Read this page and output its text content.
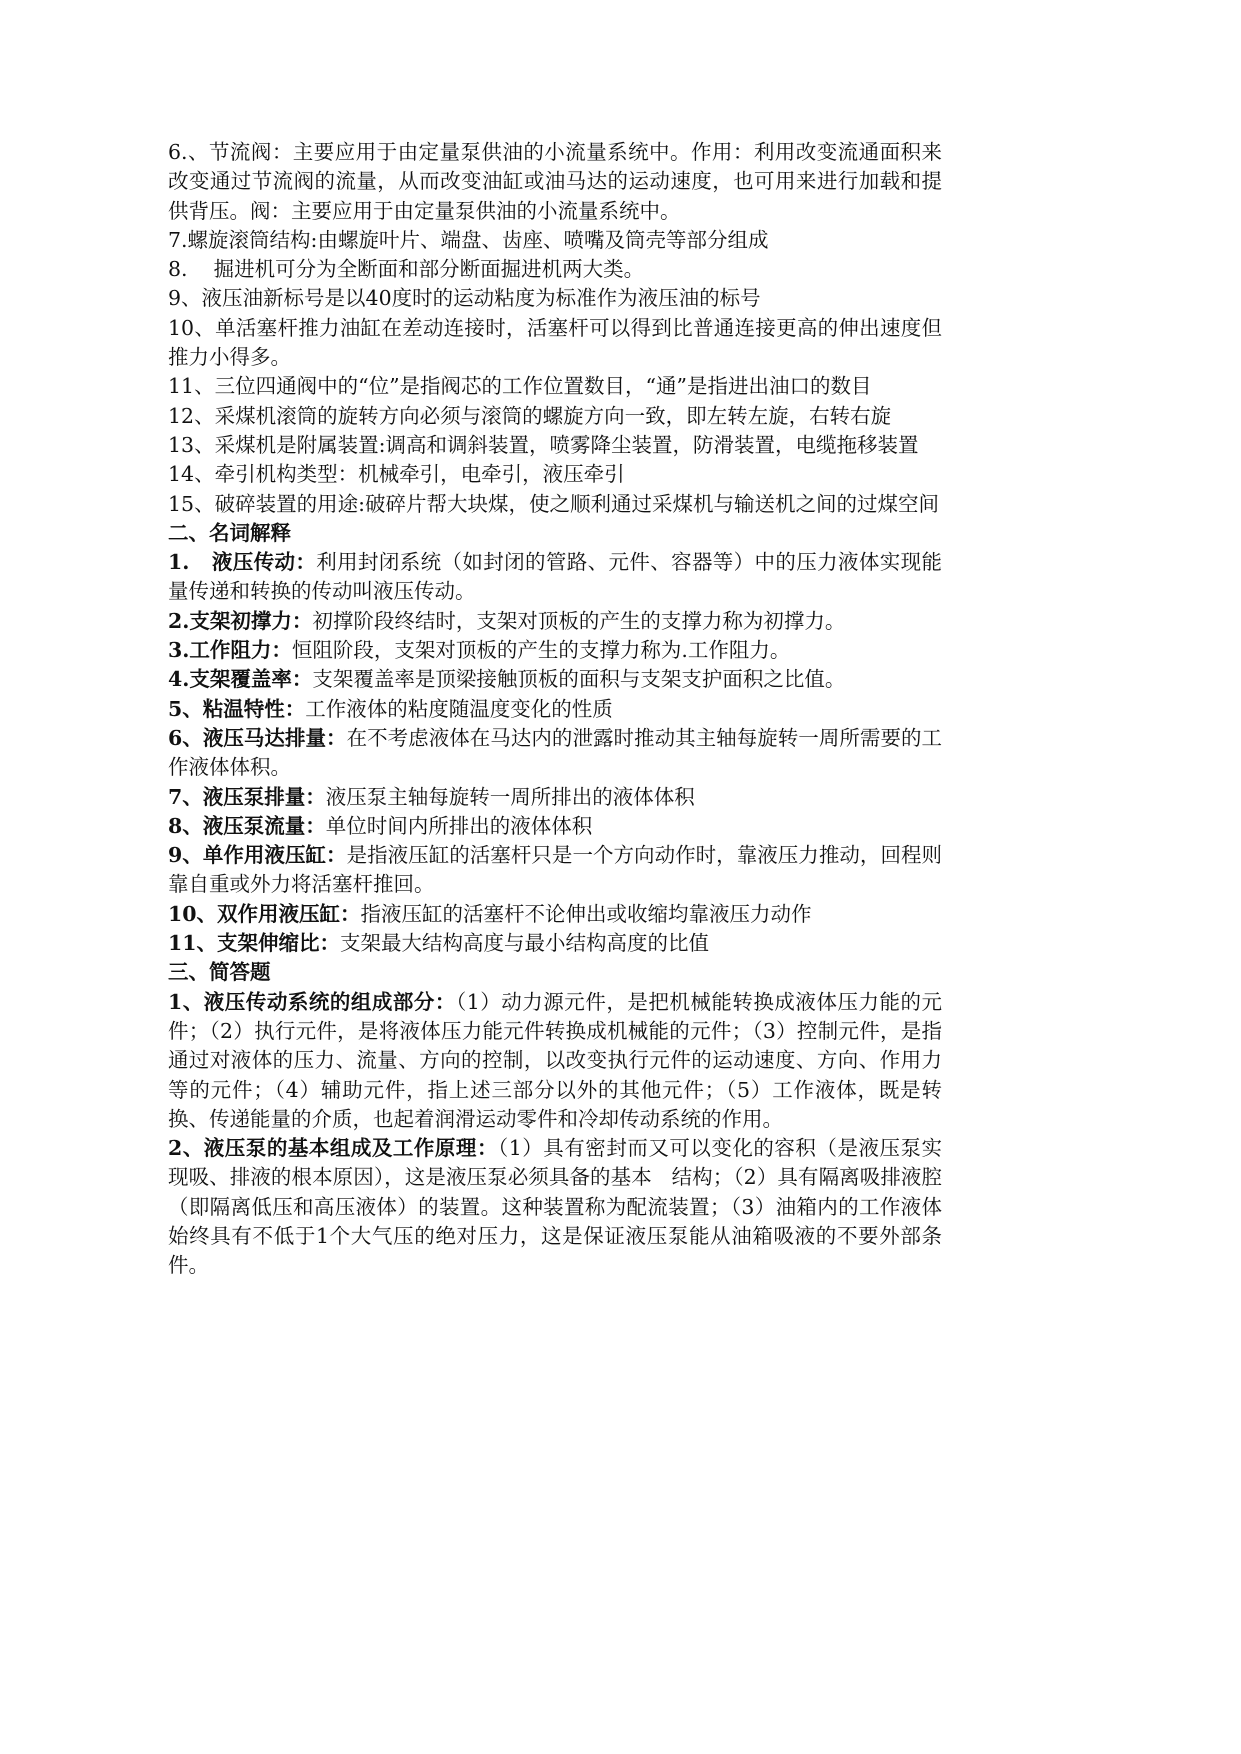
6.、节流阀：主要应用于由定量泵供油的小流量系统中。作用：利用改变流通面积来改变通过节流阀的流量，从而改变油缸或油马达的运动速度，也可用来进行加载和提供背压。阀：主要应用于由定量泵供油的小流量系统中。

7.螺旋滚筒结构:由螺旋叶片、端盘、齿座、喷嘴及筒壳等部分组成

8.    掘进机可分为全断面和部分断面掘进机两大类。

9、液压油新标号是以40度时的运动粘度为标准作为液压油的标号

10、单活塞杆推力油缸在差动连接时，活塞杆可以得到比普通连接更高的伸出速度但推力小得多。

11、三位四通阀中的“位”是指阀芯的工作位置数目，“通”是指进出油口的数目

12、采煤机滚筒的旋转方向必须与滚筒的螺旋方向一致，即左转左旋，右转右旋

13、采煤机是附属装置:调高和调斜装置，喷雾降尘装置，防滑装置，电缆拖移装置

14、牵引机构类型：机械牵引，电牵引，液压牵引

15、破碎装置的用途:破碎片帮大块煤，使之顺利通过采煤机与输送机之间的过煤空间

二、名词解释

1.   液压传动：利用封闭系统（如封闭的管路、元件、容器等）中的压力液体实现能量传递和转换的传动叫液压传动。

2.支架初撑力：初撑阶段终结时，支架对顶板的产生的支撑力称为初撑力。

3.工作阻力：恒阻阶段，支架对顶板的产生的支撑力称为.工作阻力。

4.支架覆盖率：支架覆盖率是顶梁接触顶板的面积与支架支护面积之比值。

5、粘温特性：工作液体的粘度随温度变化的性质

6、液压马达排量：在不考虑液体在马达内的泄露时推动其主轴每旋转一周所需要的工作液体体积。

7、液压泵排量：液压泵主轴每旋转一周所排出的液体体积

8、液压泵流量：单位时间内所排出的液体体积

9、单作用液压缸：是指液压缸的活塞杆只是一个方向动作时，靠液压力推动，回程则靠自重或外力将活塞杆推回。

10、双作用液压缸：指液压缸的活塞杆不论伸出或收缩均靠液压力动作

11、支架伸缩比：支架最大结构高度与最小结构高度的比值

三、简答题

1、液压传动系统的组成部分：（1）动力源元件，是把机械能转换成液体压力能的元件；（2）执行元件，是将液体压力能元件转换成机械能的元件；（3）控制元件，是指通过对液体的压力、流量、方向的控制，以改变执行元件的运动速度、方向、作用力等的元件；（4）辅助元件，指上述三部分以外的其他元件；（5）工作液体，既是转换、传递能量的介质，也起着润滑运动零件和冷却传动系统的作用。

2、液压泵的基本组成及工作原理：（1）具有密封而又可以变化的容积（是液压泵实现吸、排液的根本原因），这是液压泵必须具备的基本   结构；（2）具有隔离吸排液腔（即隔离低压和高压液体）的装置。这种装置称为配流装置；（3）油箱内的工作液体始终具有不低于1个大气压的绝对压力，这是保证液压泵能从油箱吸液的不要外部条件。
